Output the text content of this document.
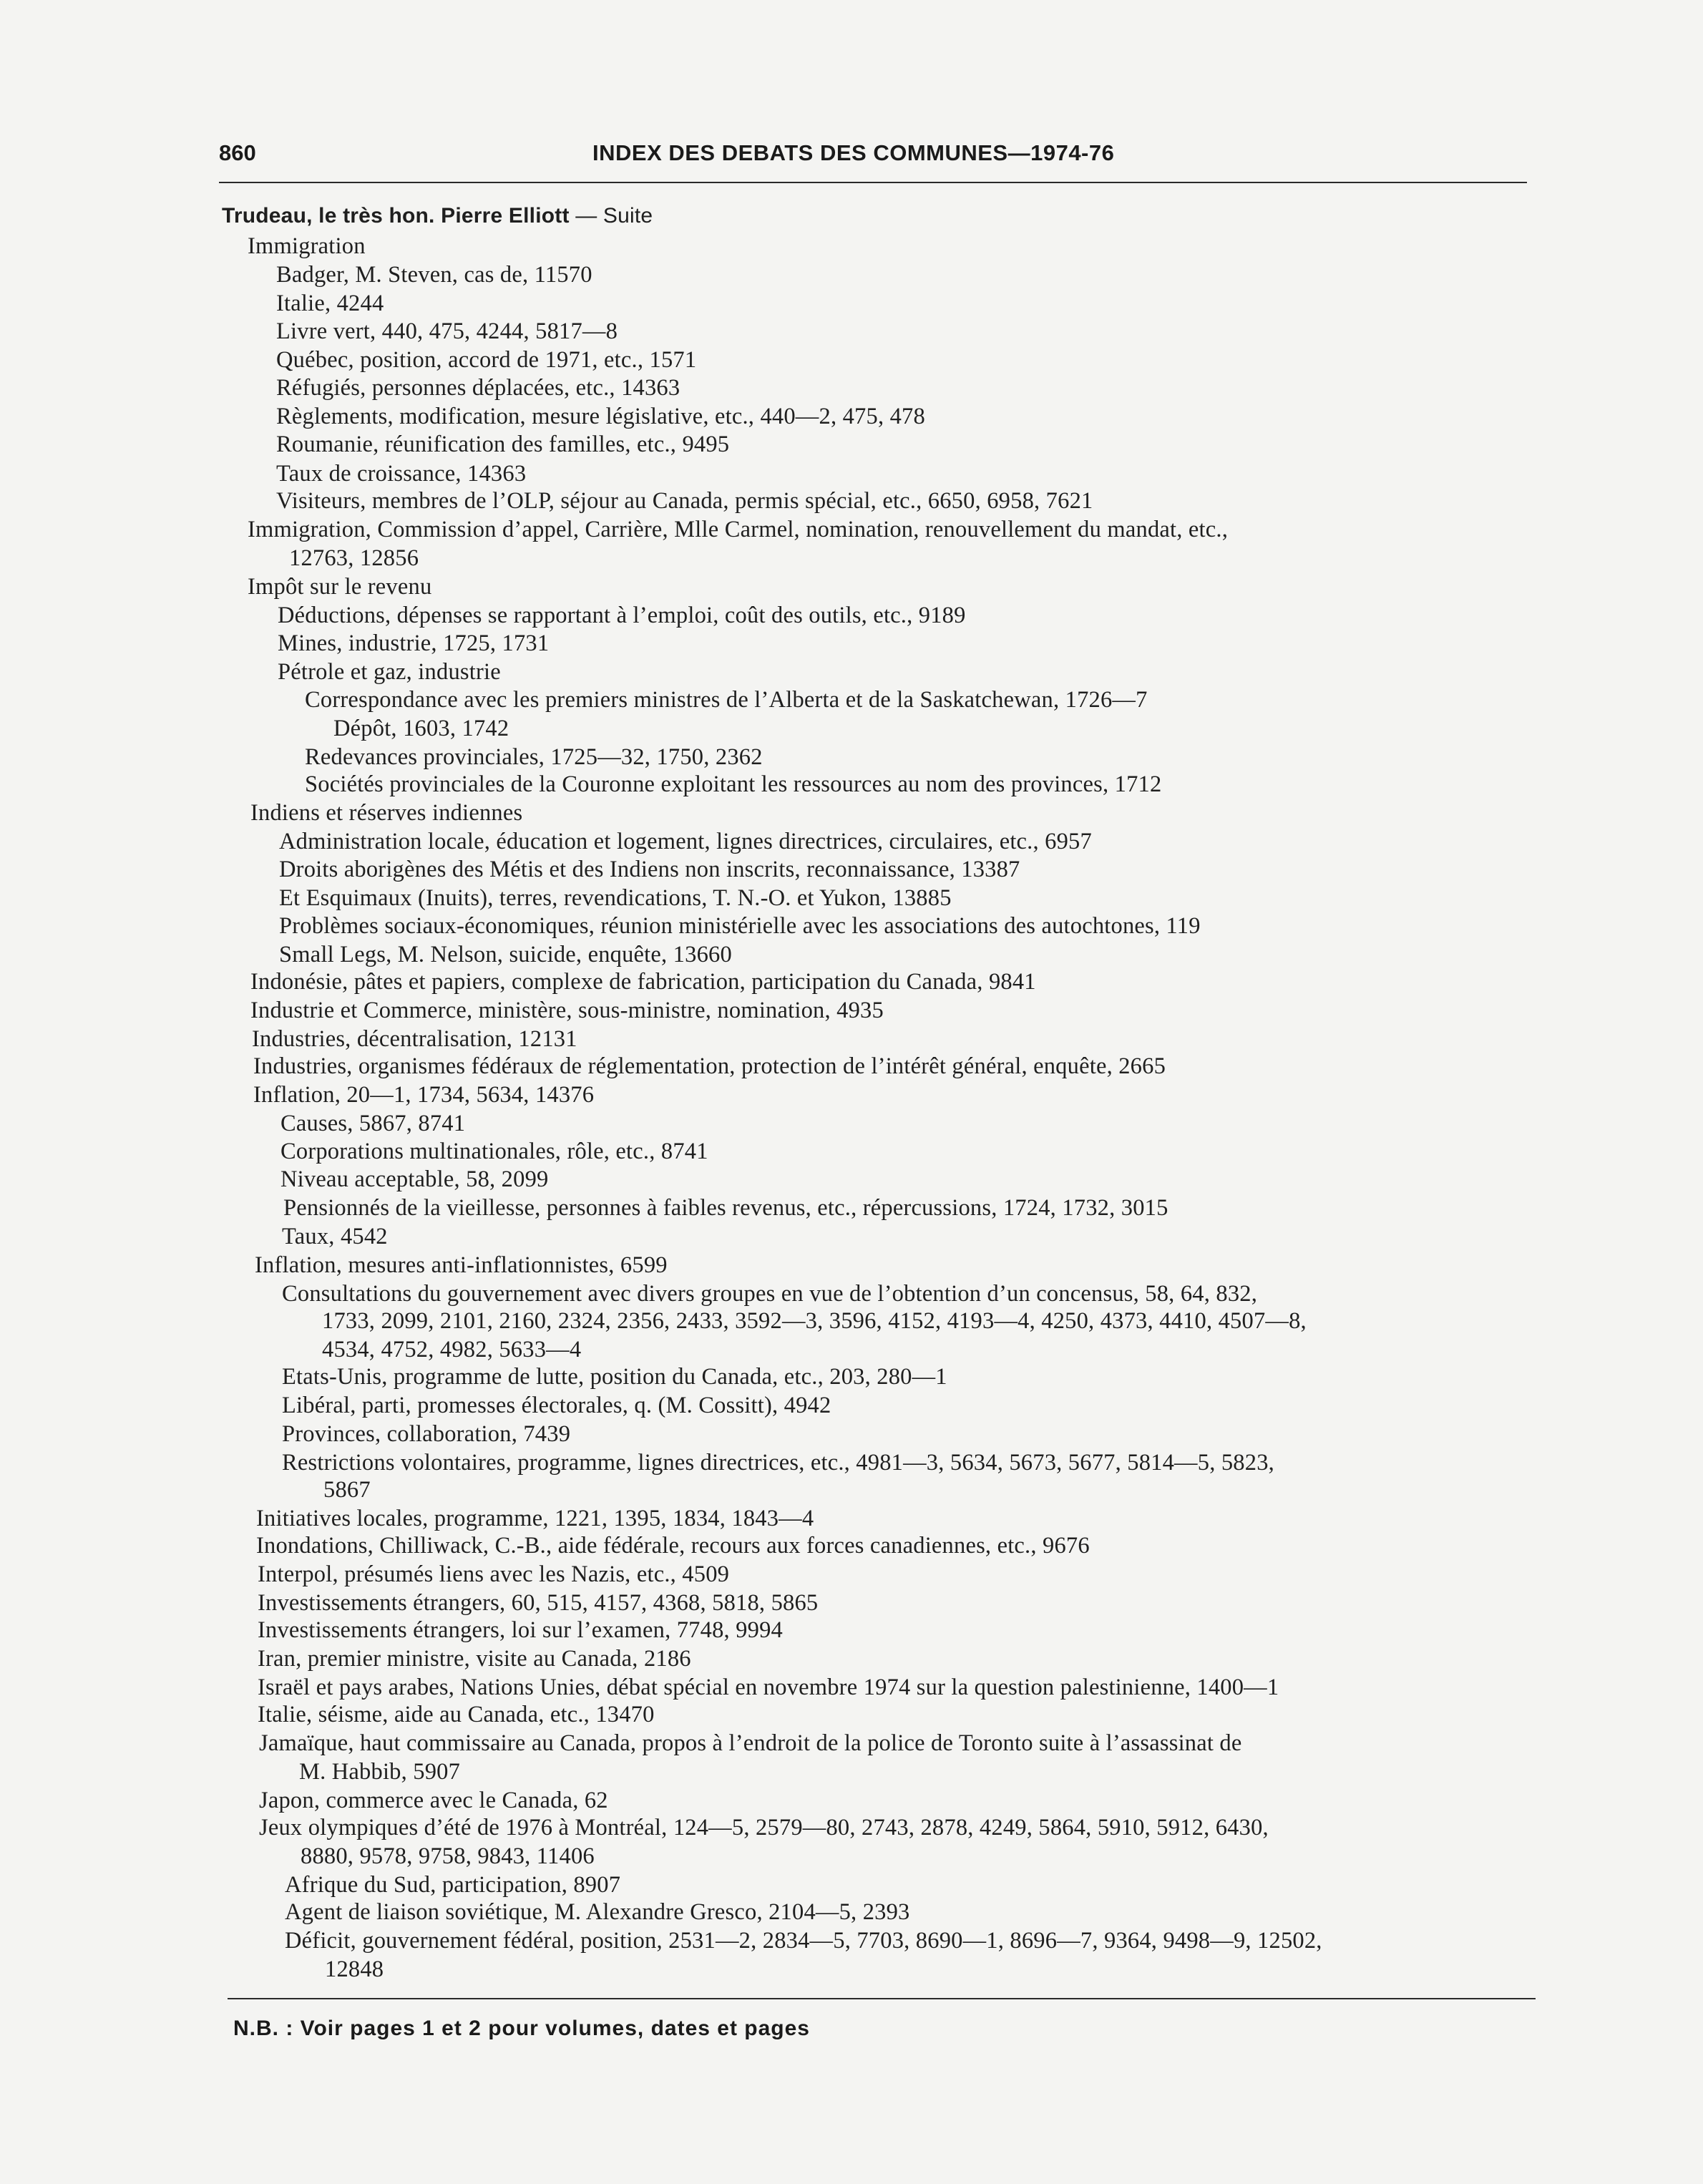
860	INDEX DES DEBATS DES COMMUNES—1974-76
Trudeau, le très hon. Pierre Elliott — Suite
Immigration
Badger, M. Steven, cas de, 11570
Italie, 4244
Livre vert, 440, 475, 4244, 5817—8
Québec, position, accord de 1971, etc., 1571
Réfugiés, personnes déplacées, etc., 14363
Règlements, modification, mesure législative, etc., 440—2, 475, 478
Roumanie, réunification des familles, etc., 9495
Taux de croissance, 14363
Visiteurs, membres de l’OLP, séjour au Canada, permis spécial, etc., 6650, 6958, 7621
Immigration, Commission d’appel, Carrière, Mlle Carmel, nomination, renouvellement du mandat, etc.,
12763, 12856
Impôt sur le revenu
Déductions, dépenses se rapportant à l’emploi, coût des outils, etc., 9189
Mines, industrie, 1725, 1731
Pétrole et gaz, industrie
Correspondance avec les premiers ministres de l’Alberta et de la Saskatchewan, 1726—7
Dépôt, 1603, 1742
Redevances provinciales, 1725—32, 1750, 2362
Sociétés provinciales de la Couronne exploitant les ressources au nom des provinces, 1712
Indiens et réserves indiennes
Administration locale, éducation et logement, lignes directrices, circulaires, etc., 6957
Droits aborigènes des Métis et des Indiens non inscrits, reconnaissance, 13387
Et Esquimaux (Inuits), terres, revendications, T. N.-O. et Yukon, 13885
Problèmes sociaux-économiques, réunion ministérielle avec les associations des autochtones, 119
Small Legs, M. Nelson, suicide, enquête, 13660
Indonésie, pâtes et papiers, complexe de fabrication, participation du Canada, 9841
Industrie et Commerce, ministère, sous-ministre, nomination, 4935
Industries, décentralisation, 12131
Industries, organismes fédéraux de réglementation, protection de l’intérêt général, enquête, 2665
Inflation, 20—1, 1734, 5634, 14376
Causes, 5867, 8741
Corporations multinationales, rôle, etc., 8741
Niveau acceptable, 58, 2099
Pensionnés de la vieillesse, personnes à faibles revenus, etc., répercussions, 1724, 1732, 3015
Taux, 4542
Inflation, mesures anti-inflationnistes, 6599
Consultations du gouvernement avec divers groupes en vue de l’obtention d’un concensus, 58, 64, 832,
1733, 2099, 2101, 2160, 2324, 2356, 2433, 3592—3, 3596, 4152, 4193—4, 4250, 4373, 4410, 4507—8,
4534, 4752, 4982, 5633—4
Etats-Unis, programme de lutte, position du Canada, etc., 203, 280—1
Libéral, parti, promesses électorales, q. (M. Cossitt), 4942
Provinces, collaboration, 7439
Restrictions volontaires, programme, lignes directrices, etc., 4981—3, 5634, 5673, 5677, 5814—5, 5823,
5867
Initiatives locales, programme, 1221, 1395, 1834, 1843—4
Inondations, Chilliwack, C.-B., aide fédérale, recours aux forces canadiennes, etc., 9676
Interpol, présumés liens avec les Nazis, etc., 4509
Investissements étrangers, 60, 515, 4157, 4368, 5818, 5865
Investissements étrangers, loi sur l’examen, 7748, 9994
Iran, premier ministre, visite au Canada, 2186
Israël et pays arabes, Nations Unies, débat spécial en novembre 1974 sur la question palestinienne, 1400—1
Italie, séisme, aide au Canada, etc., 13470
Jamaïque, haut commissaire au Canada, propos à l’endroit de la police de Toronto suite à l’assassinat de
M. Habbib, 5907
Japon, commerce avec le Canada, 62
Jeux olympiques d’été de 1976 à Montréal, 124—5, 2579—80, 2743, 2878, 4249, 5864, 5910, 5912, 6430,
8880, 9578, 9758, 9843, 11406
Afrique du Sud, participation, 8907
Agent de liaison soviétique, M. Alexandre Gresco, 2104—5, 2393
Déficit, gouvernement fédéral, position, 2531—2, 2834—5, 7703, 8690—1, 8696—7, 9364, 9498—9, 12502,
12848
N.B. : Voir pages 1 et 2 pour volumes, dates et pages
